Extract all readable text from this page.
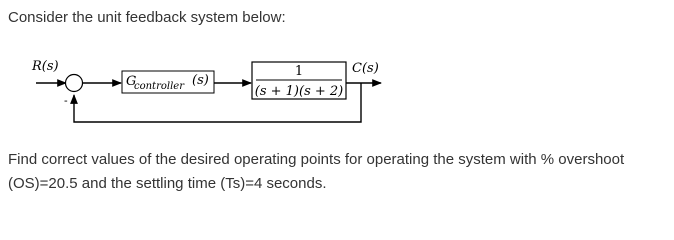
Consider the unit feedback system below:
R(s)
-
G
controller (s)
1
(s + 1)(s + 2)
C(s)
Find correct values of the desired operating points for operating the system with % overshoot
(OS)=20.5 and the settling time (Ts)=4 seconds.
